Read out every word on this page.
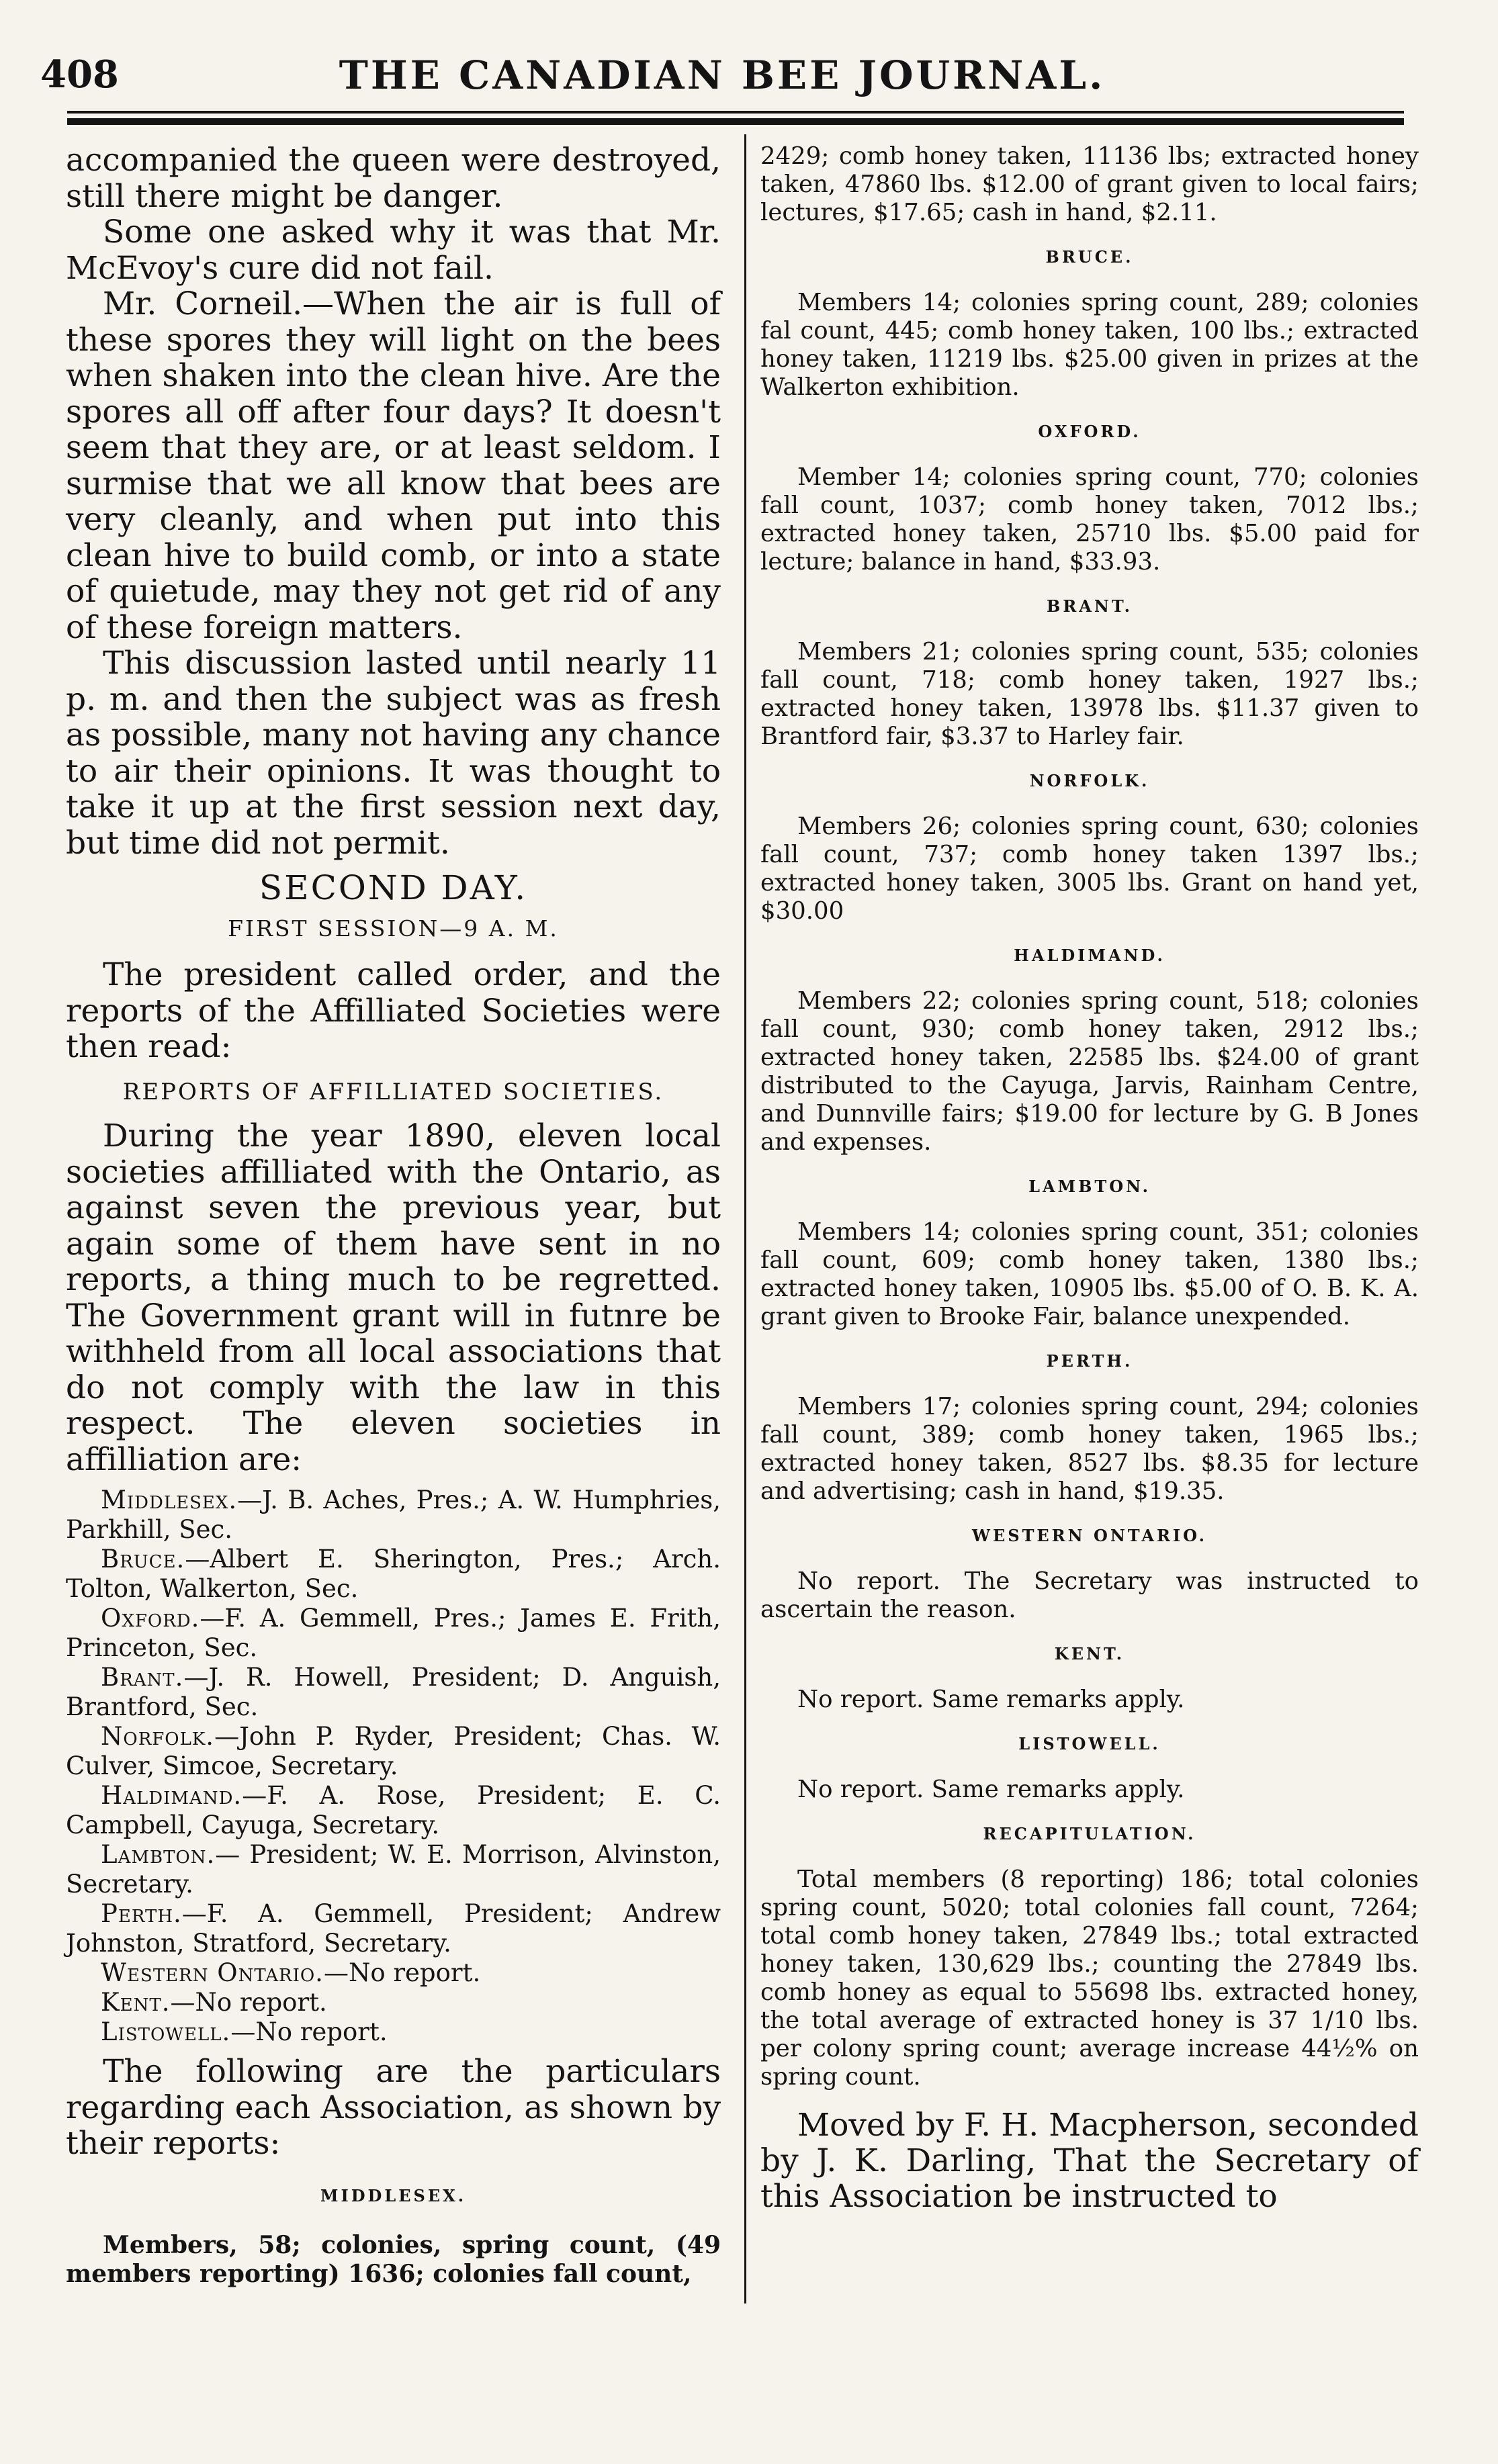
408	THE CANADIAN BEE JOURNAL.

accompanied the queen were destroyed, still there might be danger.

Some one asked why it was that Mr. McEvoy's cure did not fail.

Mr. Corneil.—When the air is full of these spores they will light on the bees when shaken into the clean hive. Are the spores all off after four days? It doesn't seem that they are, or at least seldom. I surmise that we all know that bees are very cleanly, and when put into this clean hive to build comb, or into a state of quietude, may they not get rid of any of these foreign matters.

This discussion lasted until nearly 11 p. m. and then the subject was as fresh as possible, many not having any chance to air their opinions. It was thought to take it up at the first session next day, but time did not permit.

SECOND DAY.
FIRST SESSION—9 A. M.

The president called order, and the reports of the Affilliated Societies were then read:

REPORTS OF AFFILLIATED SOCIETIES.

During the year 1890, eleven local societies affilliated with the Ontario, as against seven the previous year, but again some of them have sent in no reports, a thing much to be regretted. The Government grant will in futnre be withheld from all local associations that do not comply with the law in this respect. The eleven societies in affilliation are:

Middlesex.—J. B. Aches, Pres.; A. W. Humphries, Parkhill, Sec.

Bruce.—Albert E. Sherington, Pres.; Arch. Tolton, Walkerton, Sec.

Oxford.—F. A. Gemmell, Pres.; James E. Frith, Princeton, Sec.

Brant.—J. R. Howell, President; D. Anguish, Brantford, Sec.

Norfolk.—John P. Ryder, President; Chas. W. Culver, Simcoe, Secretary.

Haldimand.—F. A. Rose, President; E. C. Campbell, Cayuga, Secretary.

Lambton.— President; W. E. Morrison, Alvinston, Secretary.

Perth.—F. A. Gemmell, President; Andrew Johnston, Stratford, Secretary.

Western Ontario.—No report.

Kent.—No report.

Listowell.—No report.

The following are the particulars regarding each Association, as shown by their reports:

MIDDLESEX.

Members, 58; colonies, spring count, (49 members reporting) 1636; colonies fall count,

2429; comb honey taken, 11136 lbs; extracted honey taken, 47860 lbs. $12.00 of grant given to local fairs; lectures, $17.65; cash in hand, $2.11.

BRUCE.

Members 14; colonies spring count, 289; colonies fal count, 445; comb honey taken, 100 lbs.; extracted honey taken, 11219 lbs. $25.00 given in prizes at the Walkerton exhibition.

OXFORD.

Member 14; colonies spring count, 770; colonies fall count, 1037; comb honey taken, 7012 lbs.; extracted honey taken, 25710 lbs. $5.00 paid for lecture; balance in hand, $33.93.

BRANT.

Members 21; colonies spring count, 535; colonies fall count, 718; comb honey taken, 1927 lbs.; extracted honey taken, 13978 lbs. $11.37 given to Brantford fair, $3.37 to Harley fair.

NORFOLK.

Members 26; colonies spring count, 630; colonies fall count, 737; comb honey taken 1397 lbs.; extracted honey taken, 3005 lbs. Grant on hand yet, $30.00

HALDIMAND.

Members 22; colonies spring count, 518; colonies fall count, 930; comb honey taken, 2912 lbs.; extracted honey taken, 22585 lbs. $24.00 of grant distributed to the Cayuga, Jarvis, Rainham Centre, and Dunnville fairs; $19.00 for lecture by G. B Jones and expenses.

LAMBTON.

Members 14; colonies spring count, 351; colonies fall count, 609; comb honey taken, 1380 lbs.; extracted honey taken, 10905 lbs. $5.00 of O. B. K. A. grant given to Brooke Fair, balance unexpended.

PERTH.

Members 17; colonies spring count, 294; colonies fall count, 389; comb honey taken, 1965 lbs.; extracted honey taken, 8527 lbs. $8.35 for lecture and advertising; cash in hand, $19.35.

WESTERN ONTARIO.

No report. The Secretary was instructed to ascertain the reason.

KENT.

No report. Same remarks apply.

LISTOWELL.

No report. Same remarks apply.

RECAPITULATION.

Total members (8 reporting) 186; total colonies spring count, 5020; total colonies fall count, 7264; total comb honey taken, 27849 lbs.; total extracted honey taken, 130,629 lbs.; counting the 27849 lbs. comb honey as equal to 55698 lbs. extracted honey, the total average of extracted honey is 37 1/10 lbs. per colony spring count; average increase 44½% on spring count.

Moved by F. H. Macpherson, seconded by J. K. Darling, That the Secretary of this Association be instructed to
